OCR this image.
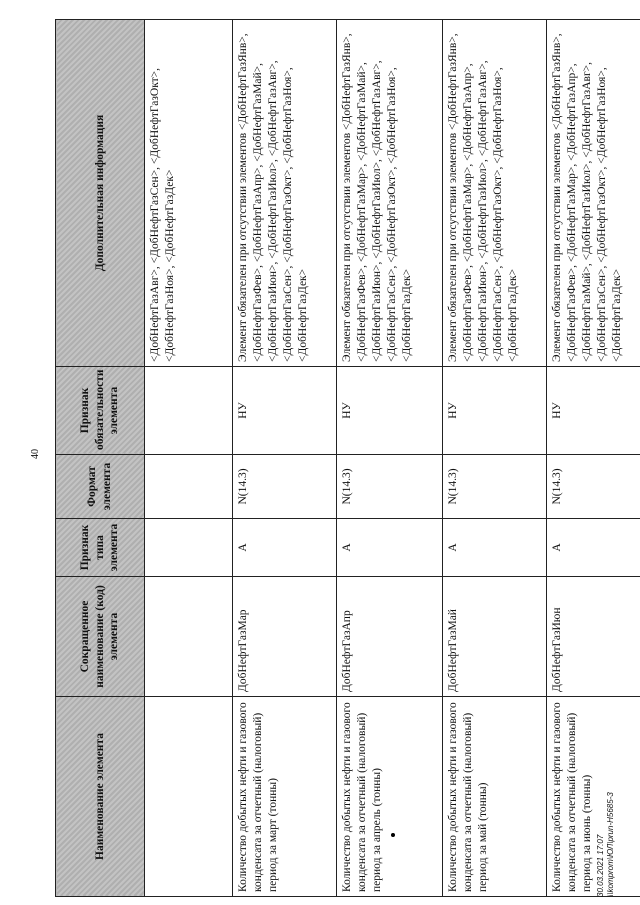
40
Наименование элемента	Сокращенное наименование (код) элемента	Признак типа элемента	Формат элемента	Признак обязательности элемента	Дополнительная информация
					<ДобНефтГазАвг>, <ДобНефтГазСен>, <ДобНефтГазОкт>, <ДобНефтГазНоя>, <ДобНефтГазДек>
Количество добытых нефти и газового конденсата за отчетный (налоговый) период за март (тонны)	ДобНефтГазМар	А	N(14.3)	НУ	Элемент обязателен при отсутствии элементов <ДобНефтГазЯнв>, <ДобНефтГазФев>, <ДобНефтГазАпр>, <ДобНефтГазМай>, <ДобНефтГазИюн>, <ДобНефтГазИюл>, <ДобНефтГазАвг>, <ДобНефтГазСен>, <ДобНефтГазОкт>, <ДобНефтГазНоя>, <ДобНефтГазДек>
Количество добытых нефти и газового конденсата за отчетный (налоговый) период за апрель (тонны)	ДобНефтГазАпр	А	N(14.3)	НУ	Элемент обязателен при отсутствии элементов <ДобНефтГазЯнв>, <ДобНефтГазФев>, <ДобНефтГазМар>, <ДобНефтГазМай>, <ДобНефтГазИюн>, <ДобНефтГазИюл>, <ДобНефтГазАвг>, <ДобНефтГазСен>, <ДобНефтГазОкт>, <ДобНефтГазНоя>, <ДобНефтГазДек>
Количество добытых нефти и газового конденсата за отчетный (налоговый) период за май (тонны)	ДобНефтГазМай	А	N(14.3)	НУ	Элемент обязателен при отсутствии элементов <ДобНефтГазЯнв>, <ДобНефтГазФев>, <ДобНефтГазМар>, <ДобНефтГазАпр>, <ДобНефтГазИюн>, <ДобНефтГазИюл>, <ДобНефтГазАвг>, <ДобНефтГазСен>, <ДобНефтГазОкт>, <ДобНефтГазНоя>, <ДобНефтГазДек>
Количество добытых нефти и газового конденсата за отчетный (налоговый) период за июнь (тонны)	ДобНефтГазИюн	А	N(14.3)	НУ	Элемент обязателен при отсутствии элементов <ДобНефтГазЯнв>, <ДобНефтГазФев>, <ДобНефтГазМар>, <ДобНефтГазАпр>, <ДобНефтГазМай>, <ДобНефтГазИюл>, <ДобНефтГазАвг>, <ДобНефтГазСен>, <ДобНефтГазОкт>, <ДобНефтГазНоя>, <ДобНефтГазДек>
30.03.2021 17:07 \\komprom\ЮЛ\prun-H5685-3
